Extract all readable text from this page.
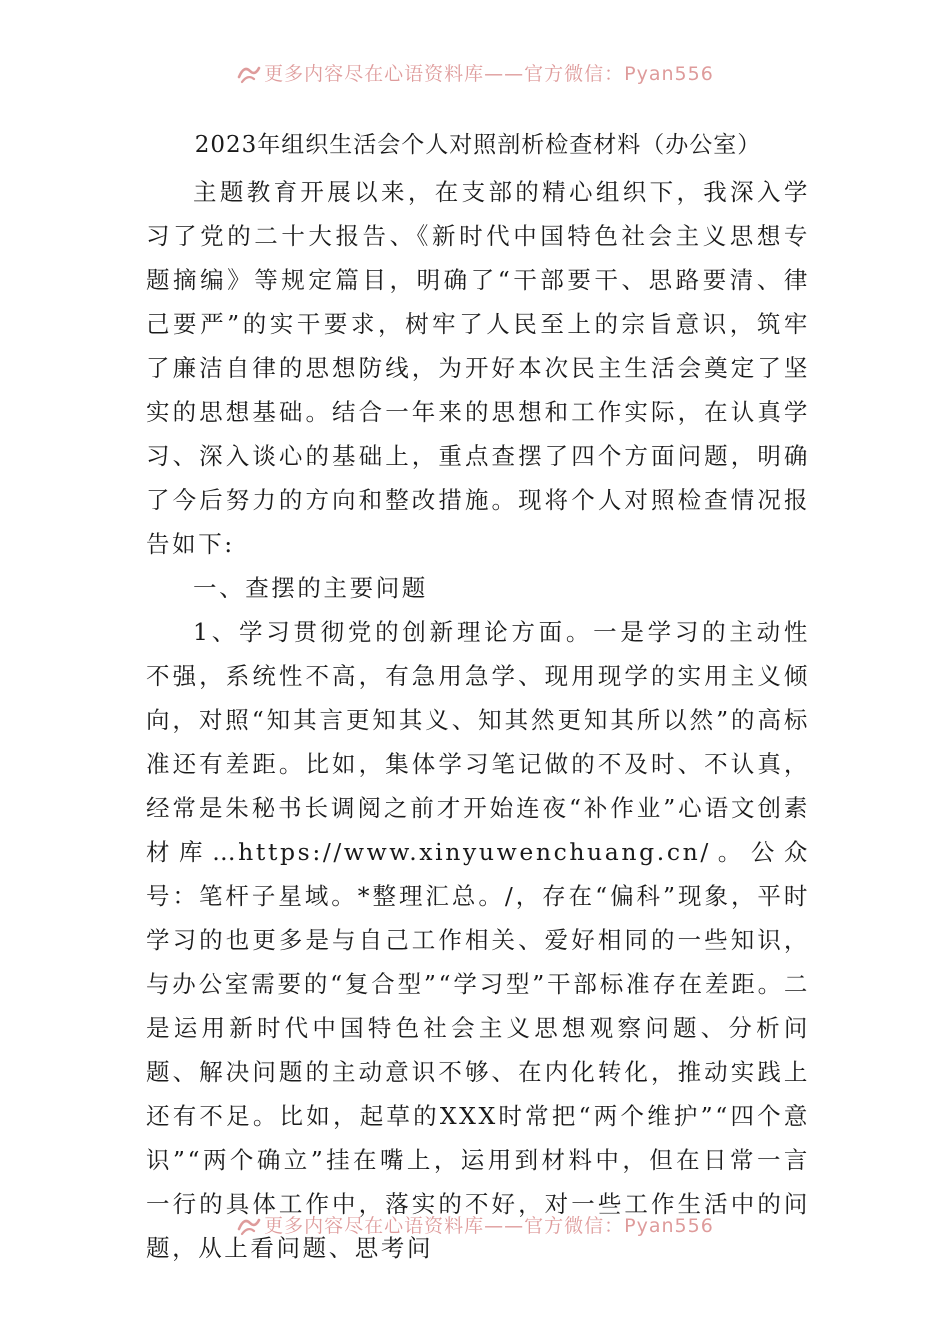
更多内容尽在心语资料库——官方微信：Pyan556
2023年组织生活会个人对照剖析检查材料（办公室）

主题教育开展以来，在支部的精心组织下，我深入学习了党的二十大报告、《新时代中国特色社会主义思想专题摘编》等规定篇目，明确了“干部要干、思路要清、律己要严”的实干要求，树牢了人民至上的宗旨意识，筑牢了廉洁自律的思想防线，为开好本次民主生活会奠定了坚实的思想基础。结合一年来的思想和工作实际，在认真学习、深入谈心的基础上，重点查摆了四个方面问题，明确了今后努力的方向和整改措施。现将个人对照检查情况报告如下:

一、查摆的主要问题

1、学习贯彻党的创新理论方面。一是学习的主动性不强，系统性不高，有急用急学、现用现学的实用主义倾向，对照“知其言更知其义、知其然更知其所以然”的高标准还有差距。比如，集体学习笔记做的不及时、不认真，经常是朱秘书长调阅之前才开始连夜“补作业”心语文创素材库…https://www.xinyuwenchuang.cn/。公众号：笔杆子星域。*整理汇总。/，存在“偏科”现象，平时学习的也更多是与自己工作相关、爱好相同的一些知识，与办公室需要的“复合型”“学习型”干部标准存在差距。二是运用新时代中国特色社会主义思想观察问题、分析问题、解决问题的主动意识不够、在内化转化，推动实践上还有不足。比如，起草的XXX时常把“两个维护”“四个意识”“两个确立”挂在嘴上，运用到材料中，但在日常一言一行的具体工作中，落实的不好，对一些工作生活中的问题，从上看问题、思考问

更多内容尽在心语资料库——官方微信：Pyan556
